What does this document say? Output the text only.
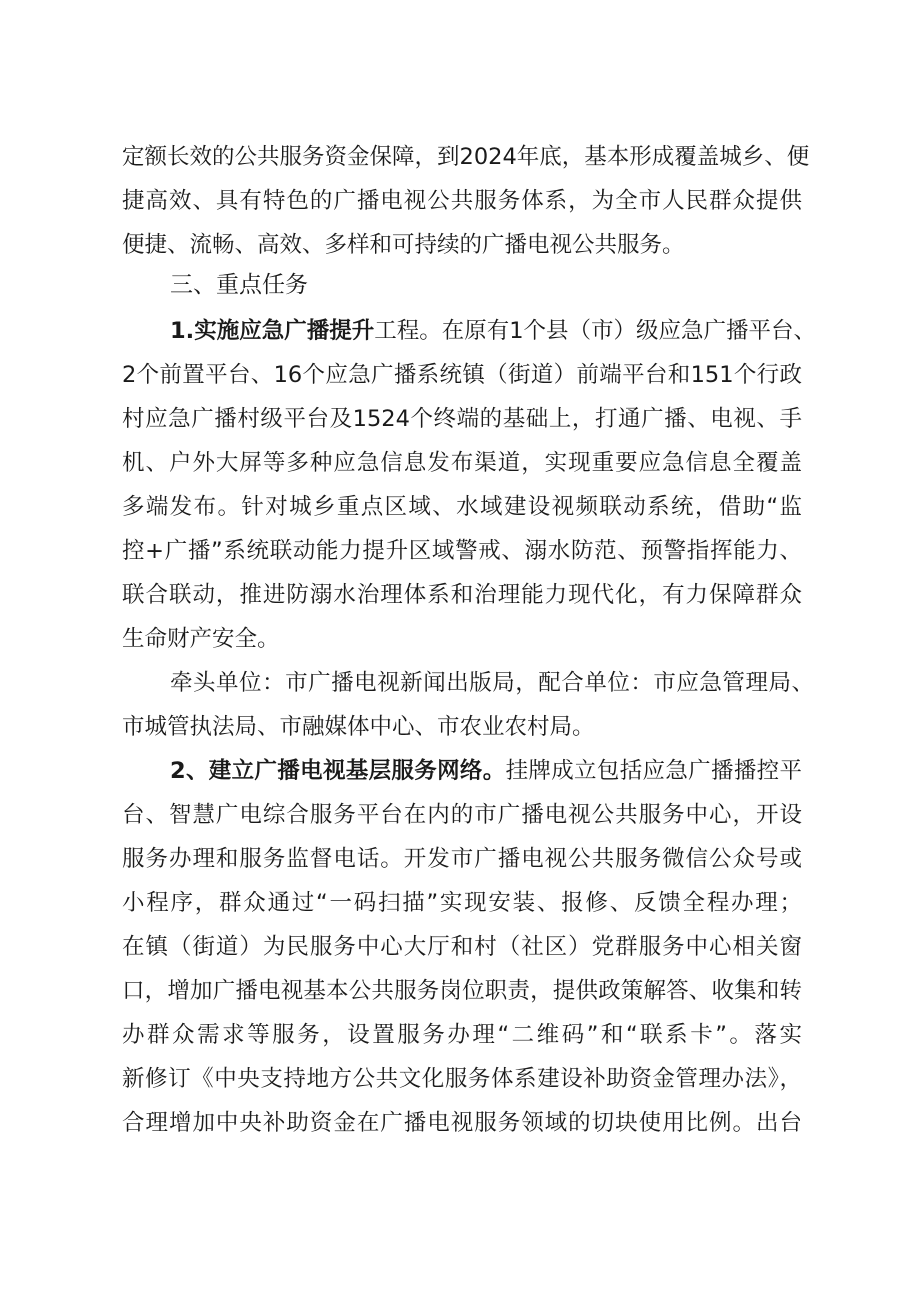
定额长效的公共服务资金保障，到2024年底，基本形成覆盖城乡、便
捷高效、具有特色的广播电视公共服务体系，为全市人民群众提供
便捷、流畅、高效、多样和可持续的广播电视公共服务。
三、重点任务
1.实施应急广播提升工程。在原有1个县（市）级应急广播平台、
2个前置平台、16个应急广播系统镇（街道）前端平台和151个行政
村应急广播村级平台及1524个终端的基础上，打通广播、电视、手
机、户外大屏等多种应急信息发布渠道，实现重要应急信息全覆盖
多端发布。针对城乡重点区域、水域建设视频联动系统，借助“监
控+广播”系统联动能力提升区域警戒、溺水防范、预警指挥能力、
联合联动，推进防溺水治理体系和治理能力现代化，有力保障群众
生命财产安全。
牵头单位：市广播电视新闻出版局，配合单位：市应急管理局、
市城管执法局、市融媒体中心、市农业农村局。
2、建立广播电视基层服务网络。挂牌成立包括应急广播播控平
台、智慧广电综合服务平台在内的市广播电视公共服务中心，开设
服务办理和服务监督电话。开发市广播电视公共服务微信公众号或
小程序，群众通过“一码扫描”实现安装、报修、反馈全程办理；
在镇（街道）为民服务中心大厅和村（社区）党群服务中心相关窗
口，增加广播电视基本公共服务岗位职责，提供政策解答、收集和转
办群众需求等服务，设置服务办理“二维码”和“联系卡”。落实
新修订《中央支持地方公共文化服务体系建设补助资金管理办法》，
合理增加中央补助资金在广播电视服务领域的切块使用比例。出台
